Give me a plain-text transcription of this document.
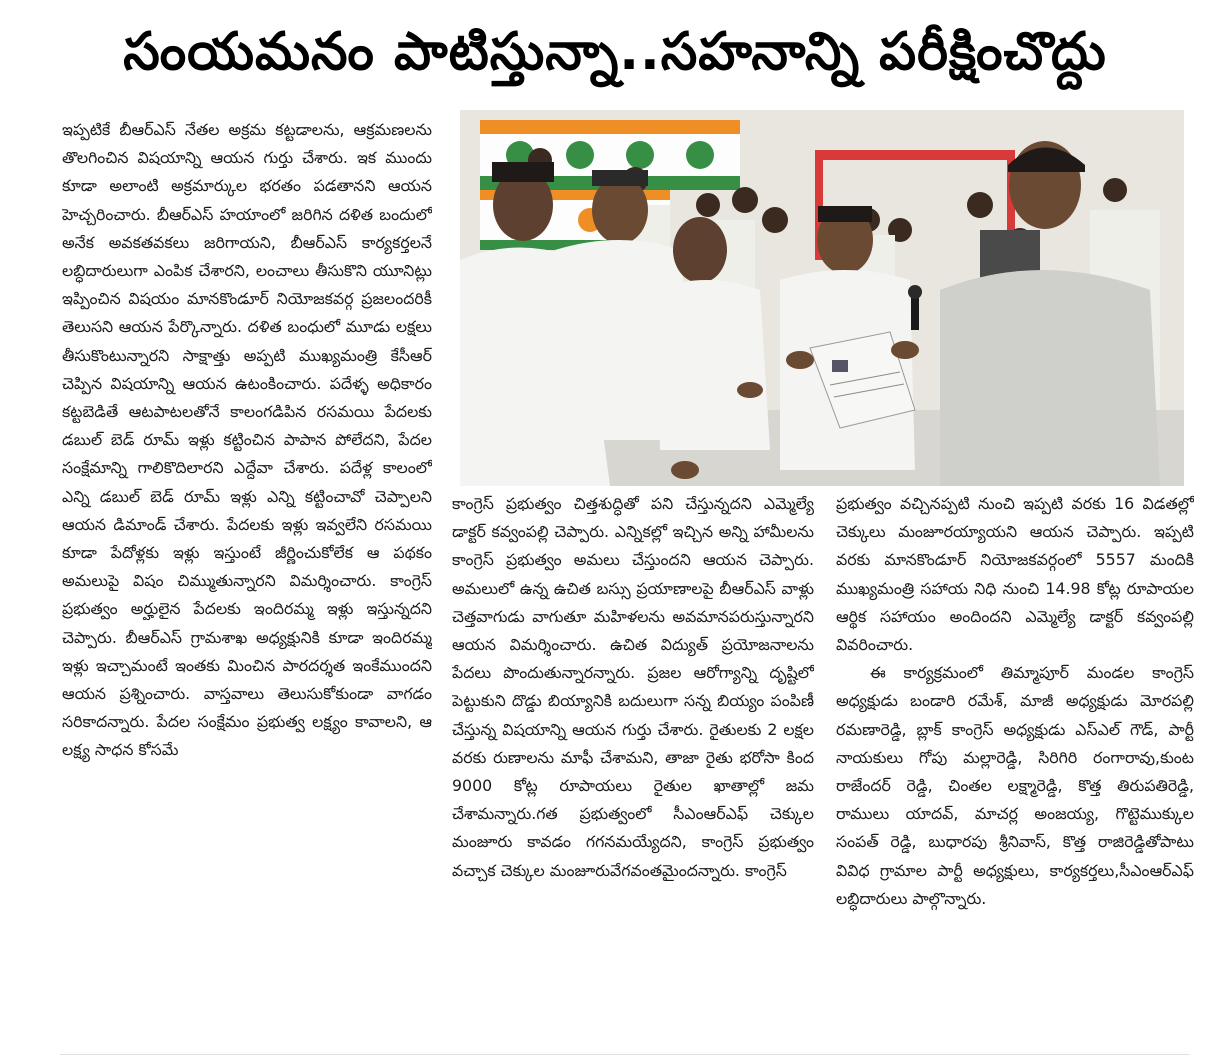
సంయమనం పాటిస్తున్నా..సహనాన్ని పరీక్షించొద్దు

ఇప్పటికే బీఆర్ఎస్ నేతల అక్రమ కట్టడాలను, ఆక్రమణలను తొలగించిన విషయాన్ని ఆయన గుర్తు చేశారు. ఇక ముందు కూడా అలాంటి అక్రమార్కుల భరతం పడతానని ఆయన హెచ్చరించారు. బీఆర్ఎస్ హయాంలో జరిగిన దళిత బందులో అనేక అవకతవకలు జరిగాయని, బీఆర్ఎస్ కార్యకర్తలనే లబ్ధిదారులుగా ఎంపిక చేశారని, లంచాలు తీసుకొని యూనిట్లు ఇప్పించిన విషయం మానకొండూర్ నియోజకవర్గ ప్రజలందరికీ తెలుసని ఆయన పేర్కొన్నారు. దళిత బంధులో మూడు లక్షలు తీసుకొంటున్నారని సాక్షాత్తు అప్పటి ముఖ్యమంత్రి కేసీఆర్ చెప్పిన విషయాన్ని ఆయన ఉటంకించారు. పదేళ్ళ అధికారం కట్టబెడితే ఆటపాటలతోనే కాలంగడిపిన రసమయి పేదలకు డబుల్ బెడ్ రూమ్ ఇళ్లు కట్టించిన పాపాన పోలేదని, పేదల సంక్షేమాన్ని గాలికొదిలారని ఎద్దేవా చేశారు. పదేళ్ల కాలంలో ఎన్ని డబుల్ బెడ్ రూమ్ ఇళ్లు ఎన్ని కట్టించావో చెప్పాలని ఆయన డిమాండ్ చేశారు. పేదలకు ఇళ్లు ఇవ్వలేని రసమయి కూడా పేదోళ్లకు ఇళ్లు ఇస్తుంటే జీర్ణించుకోలేక ఆ పథకం అమలుపై విషం చిమ్ముతున్నారని విమర్శించారు. కాంగ్రెస్ ప్రభుత్వం అర్హులైన పేదలకు ఇందిరమ్మ ఇళ్లు ఇస్తున్నదని చెప్పారు. బీఆర్ఎస్ గ్రామశాఖ అధ్యక్షునికి కూడా ఇందిరమ్మ ఇళ్లు ఇచ్చామంటే ఇంతకు మించిన పారదర్శత ఇంకేముందని ఆయన ప్రశ్నించారు. వాస్తవాలు తెలుసుకోకుండా వాగడం సరికాదన్నారు. పేదల సంక్షేమం ప్రభుత్వ లక్ష్యం కావాలని, ఆ లక్ష్య సాధన కోసమే

కాంగ్రెస్ ప్రభుత్వం చిత్తశుద్ధితో పని చేస్తున్నదని ఎమ్మెల్యే డాక్టర్ కవ్వంపల్లి చెప్పారు. ఎన్నికల్లో ఇచ్చిన అన్ని హామీలను కాంగ్రెస్ ప్రభుత్వం అమలు చేస్తుందని ఆయన చెప్పారు. అమలులో ఉన్న ఉచిత బస్సు ప్రయాణాలపై బీఆర్ఎస్ వాళ్లు చెత్తవాగుడు వాగుతూ మహిళలను అవమానపరుస్తున్నారని ఆయన విమర్శించారు. ఉచిత విద్యుత్ ప్రయోజనాలను పేదలు పొందుతున్నారన్నారు. ప్రజల ఆరోగ్యాన్ని దృష్టిలో పెట్టుకుని దొడ్డు బియ్యానికి బదులుగా సన్న బియ్యం పంపిణీ చేస్తున్న విషయాన్ని ఆయన గుర్తు చేశారు. రైతులకు 2 లక్షల వరకు రుణాలను మాఫీ చేశామని, తాజా రైతు భరోసా కింద 9000 కోట్ల రూపాయలు రైతుల ఖాతాల్లో జమ చేశామన్నారు.గత ప్రభుత్వంలో సీఎంఆర్ఎఫ్ చెక్కుల మంజూరు కావడం గగనమయ్యేదని, కాంగ్రెస్ ప్రభుత్వం వచ్చాక చెక్కుల మంజూరువేగవంతమైందన్నారు. కాంగ్రెస్

ప్రభుత్వం వచ్చినప్పటి నుంచి ఇప్పటి వరకు 16 విడతల్లో చెక్కులు మంజూరయ్యాయని ఆయన చెప్పారు. ఇప్పటి వరకు మానకొండూర్ నియోజకవర్గంలో 5557 మందికి ముఖ్యమంత్రి సహాయ నిధి నుంచి 14.98 కోట్ల రూపాయల ఆర్థిక సహాయం అందిందని ఎమ్మెల్యే డాక్టర్ కవ్వంపల్లి వివరించారు.

ఈ కార్యక్రమంలో తిమ్మాపూర్ మండల కాంగ్రెస్ అధ్యక్షుడు బండారి రమేశ్, మాజీ అధ్యక్షుడు మోరపల్లి రమణారెడ్డి, బ్లాక్ కాంగ్రెస్ అధ్యక్షుడు ఎస్ఎల్ గౌడ్, పార్టీ నాయకులు గోపు మల్లారెడ్డి, సిరిగిరి రంగారావు,కుంట రాజేందర్ రెడ్డి, చింతల లక్ష్మారెడ్డి, కొత్త తిరుపతిరెడ్డి, రాములు యాదవ్, మాచర్ల అంజయ్య, గొట్టెముక్కుల సంపత్ రెడ్డి, బుధారపు శ్రీనివాస్, కొత్త రాజిరెడ్డితోపాటు వివిధ గ్రామాల పార్టీ అధ్యక్షులు, కార్యకర్తలు,సీఎంఆర్ఎఫ్ లబ్ధిదారులు పాల్గొన్నారు.
